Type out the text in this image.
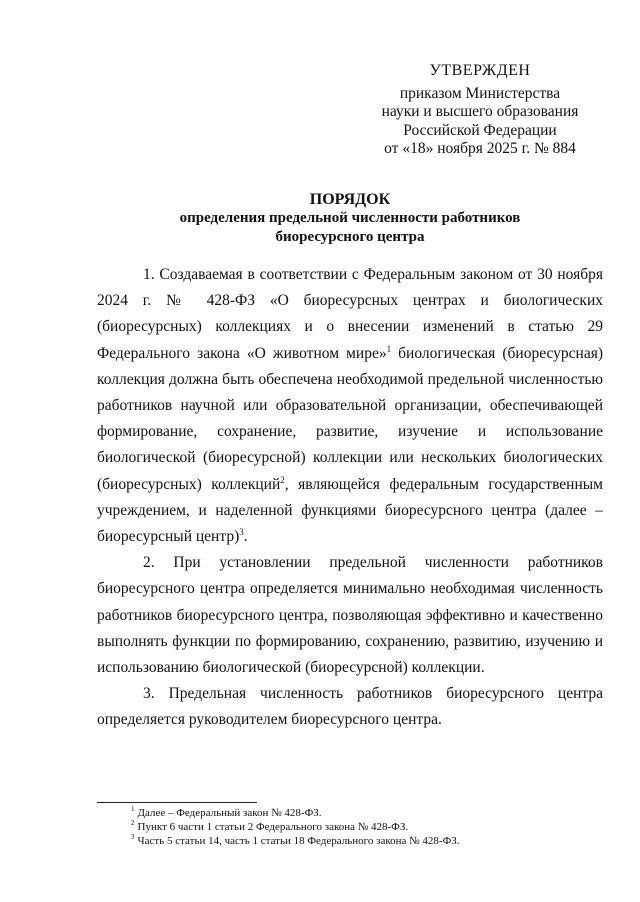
УТВЕРЖДЕН
приказом Министерства
науки и высшего образования
Российской Федерации
от «18» ноября 2025 г. № 884
ПОРЯДОК
определения предельной численности работников
биоресурсного центра

1. Создаваемая в соответствии с Федеральным законом от 30 ноября 2024 г. № 428-ФЗ «О биоресурсных центрах и биологических (биоресурсных) коллекциях и о внесении изменений в статью 29 Федерального закона «О животном мире»$^1$ биологическая (биоресурсная) коллекция должна быть обеспечена необходимой предельной численностью работников научной или образовательной организации, обеспечивающей формирование, сохранение, развитие, изучение и использование биологической (биоресурсной) коллекции или нескольких биологических (биоресурсных) коллекций$^2$, являющейся федеральным государственным учреждением, и наделенной функциями биоресурсного центра (далее – биоресурсный центр)$^3$.

2. При установлении предельной численности работников биоресурсного центра определяется минимально необходимая численность работников биоресурсного центра, позволяющая эффективно и качественно выполнять функции по формированию, сохранению, развитию, изучению и использованию биологической (биоресурсной) коллекции.

3. Предельная численность работников биоресурсного центра определяется руководителем биоресурсного центра.

$^1$ Далее – Федеральный закон № 428-ФЗ.
$^2$ Пункт 6 части 1 статьи 2 Федерального закона № 428-ФЗ.
$^3$ Часть 5 статьи 14, часть 1 статьи 18 Федерального закона № 428-ФЗ.
